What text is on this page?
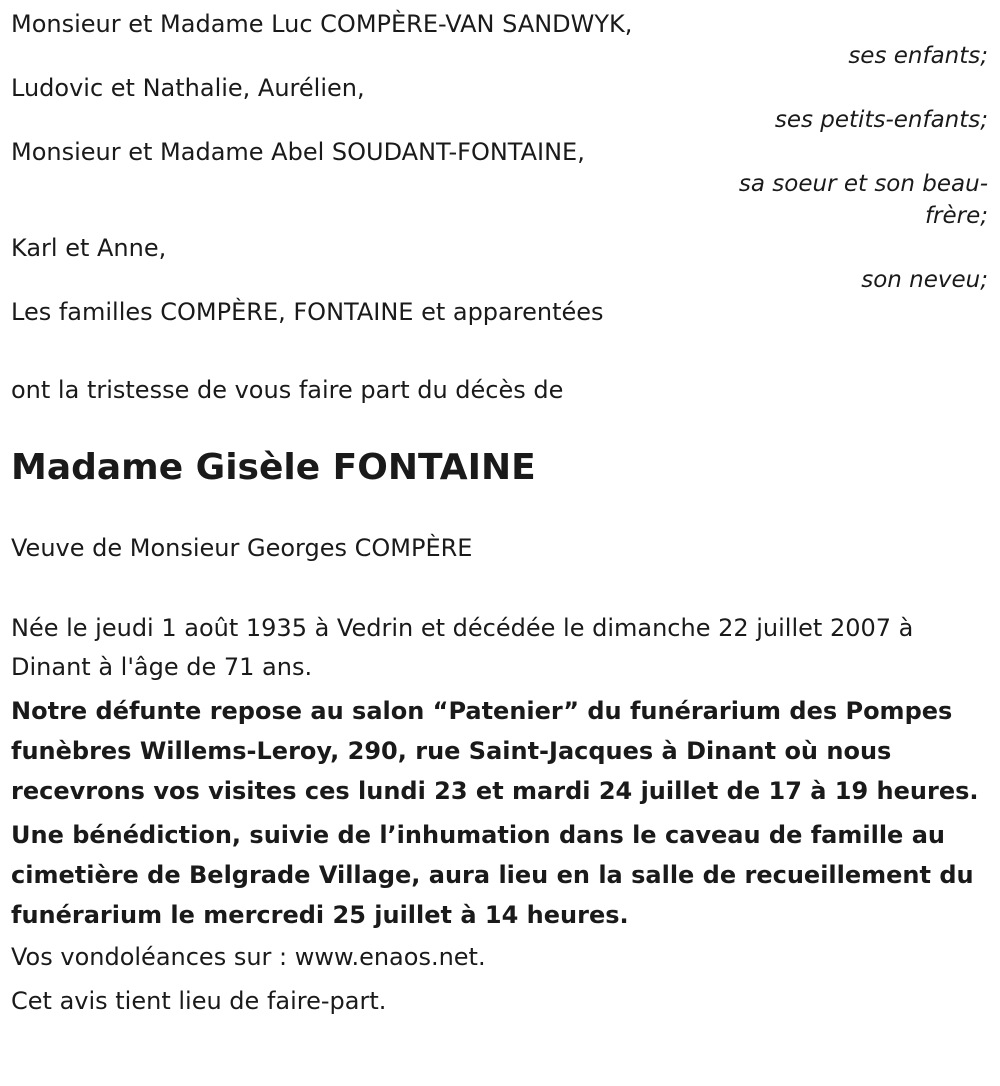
Monsieur et Madame Luc COMPÈRE-VAN SANDWYK,
ses enfants;
Ludovic et Nathalie, Aurélien,
ses petits-enfants;
Monsieur et Madame Abel SOUDANT-FONTAINE,
sa soeur et son beau-frère;
Karl et Anne,
son neveu;
Les familles COMPÈRE, FONTAINE et apparentées
ont la tristesse de vous faire part du décès de
Madame Gisèle FONTAINE
Veuve de Monsieur Georges COMPÈRE
Née le jeudi 1 août 1935 à Vedrin et décédée le dimanche 22 juillet 2007 à Dinant à l'âge de 71 ans.
Notre défunte repose au salon “Patenier” du funérarium des Pompes funèbres Willems-Leroy, 290, rue Saint-Jacques à Dinant où nous recevrons vos visites ces lundi 23 et mardi 24 juillet de 17 à 19 heures.
Une bénédiction, suivie de l’inhumation dans le caveau de famille au cimetière de Belgrade Village, aura lieu en la salle de recueillement du funérarium le mercredi 25 juillet à 14 heures.
Vos vondoléances sur : www.enaos.net.
Cet avis tient lieu de faire-part.
